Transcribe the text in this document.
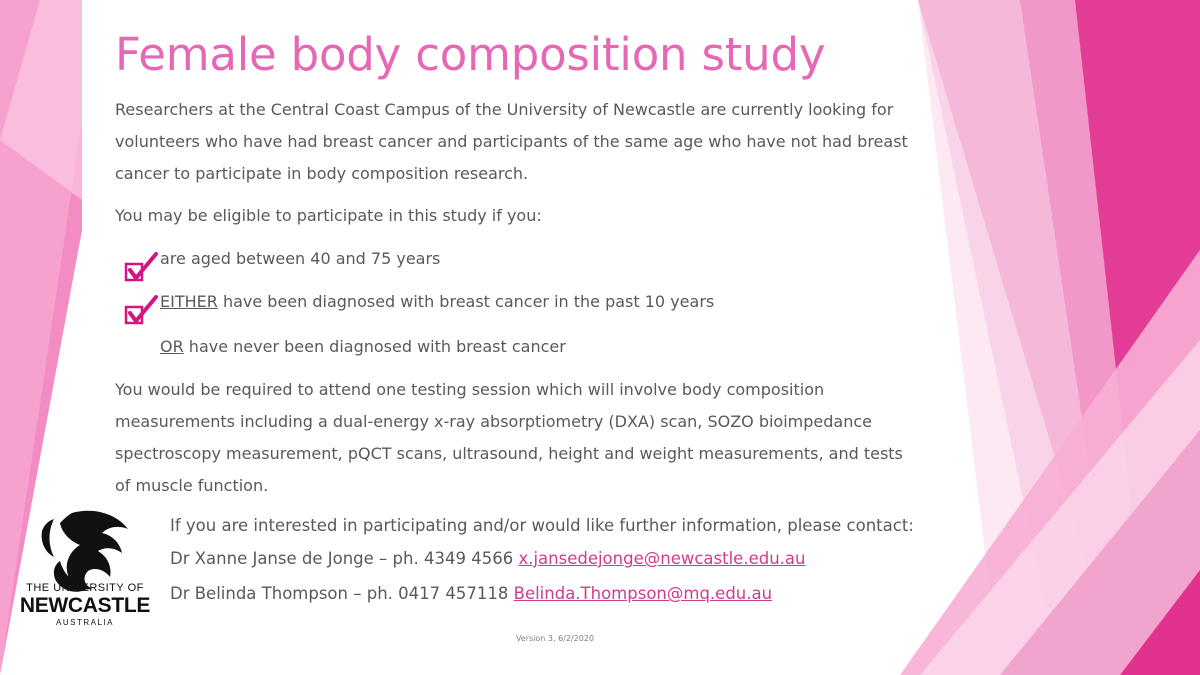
Female body composition study

Researchers at the Central Coast Campus of the University of Newcastle are currently looking for volunteers who have had breast cancer and participants of the same age who have not had breast cancer to participate in body composition research.

You may be eligible to participate in this study if you:

are aged between 40 and 75 years
EITHER have been diagnosed with breast cancer in the past 10 years
OR have never been diagnosed with breast cancer

You would be required to attend one testing session which will involve body composition measurements including a dual-energy x-ray absorptiometry (DXA) scan, SOZO bioimpedance spectroscopy measurement, pQCT scans, ultrasound, height and weight measurements, and tests of muscle function.

If you are interested in participating and/or would like further information, please contact:
Dr Xanne Janse de Jonge – ph. 4349 4566 x.jansedejonge@newcastle.edu.au
Dr Belinda Thompson – ph. 0417 457118 Belinda.Thompson@mq.edu.au
THE UNIVERSITY OF
NEWCASTLE
AUSTRALIA
Version 3, 6/2/2020
